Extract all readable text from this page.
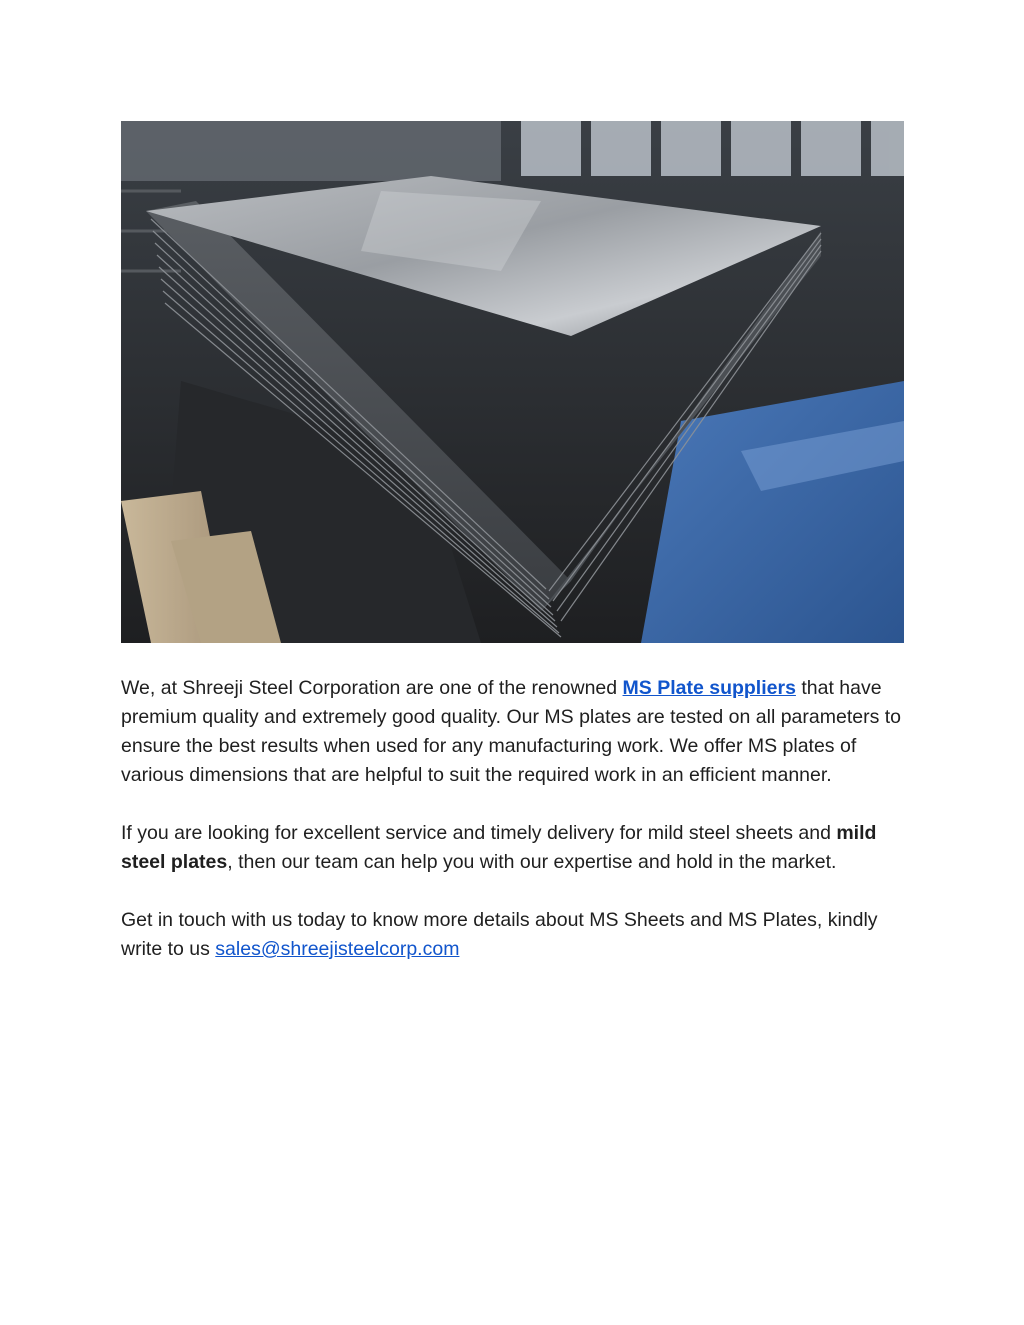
We, at Shreeji Steel Corporation are one of the renowned MS Plate suppliers that have premium quality and extremely good quality. Our MS plates are tested on all parameters to ensure the best results when used for any manufacturing work. We offer MS plates of various dimensions that are helpful to suit the required work in an efficient manner.

If you are looking for excellent service and timely delivery for mild steel sheets and mild steel plates, then our team can help you with our expertise and hold in the market.

Get in touch with us today to know more details about MS Sheets and MS Plates, kindly write to us sales@shreejisteelcorp.com
